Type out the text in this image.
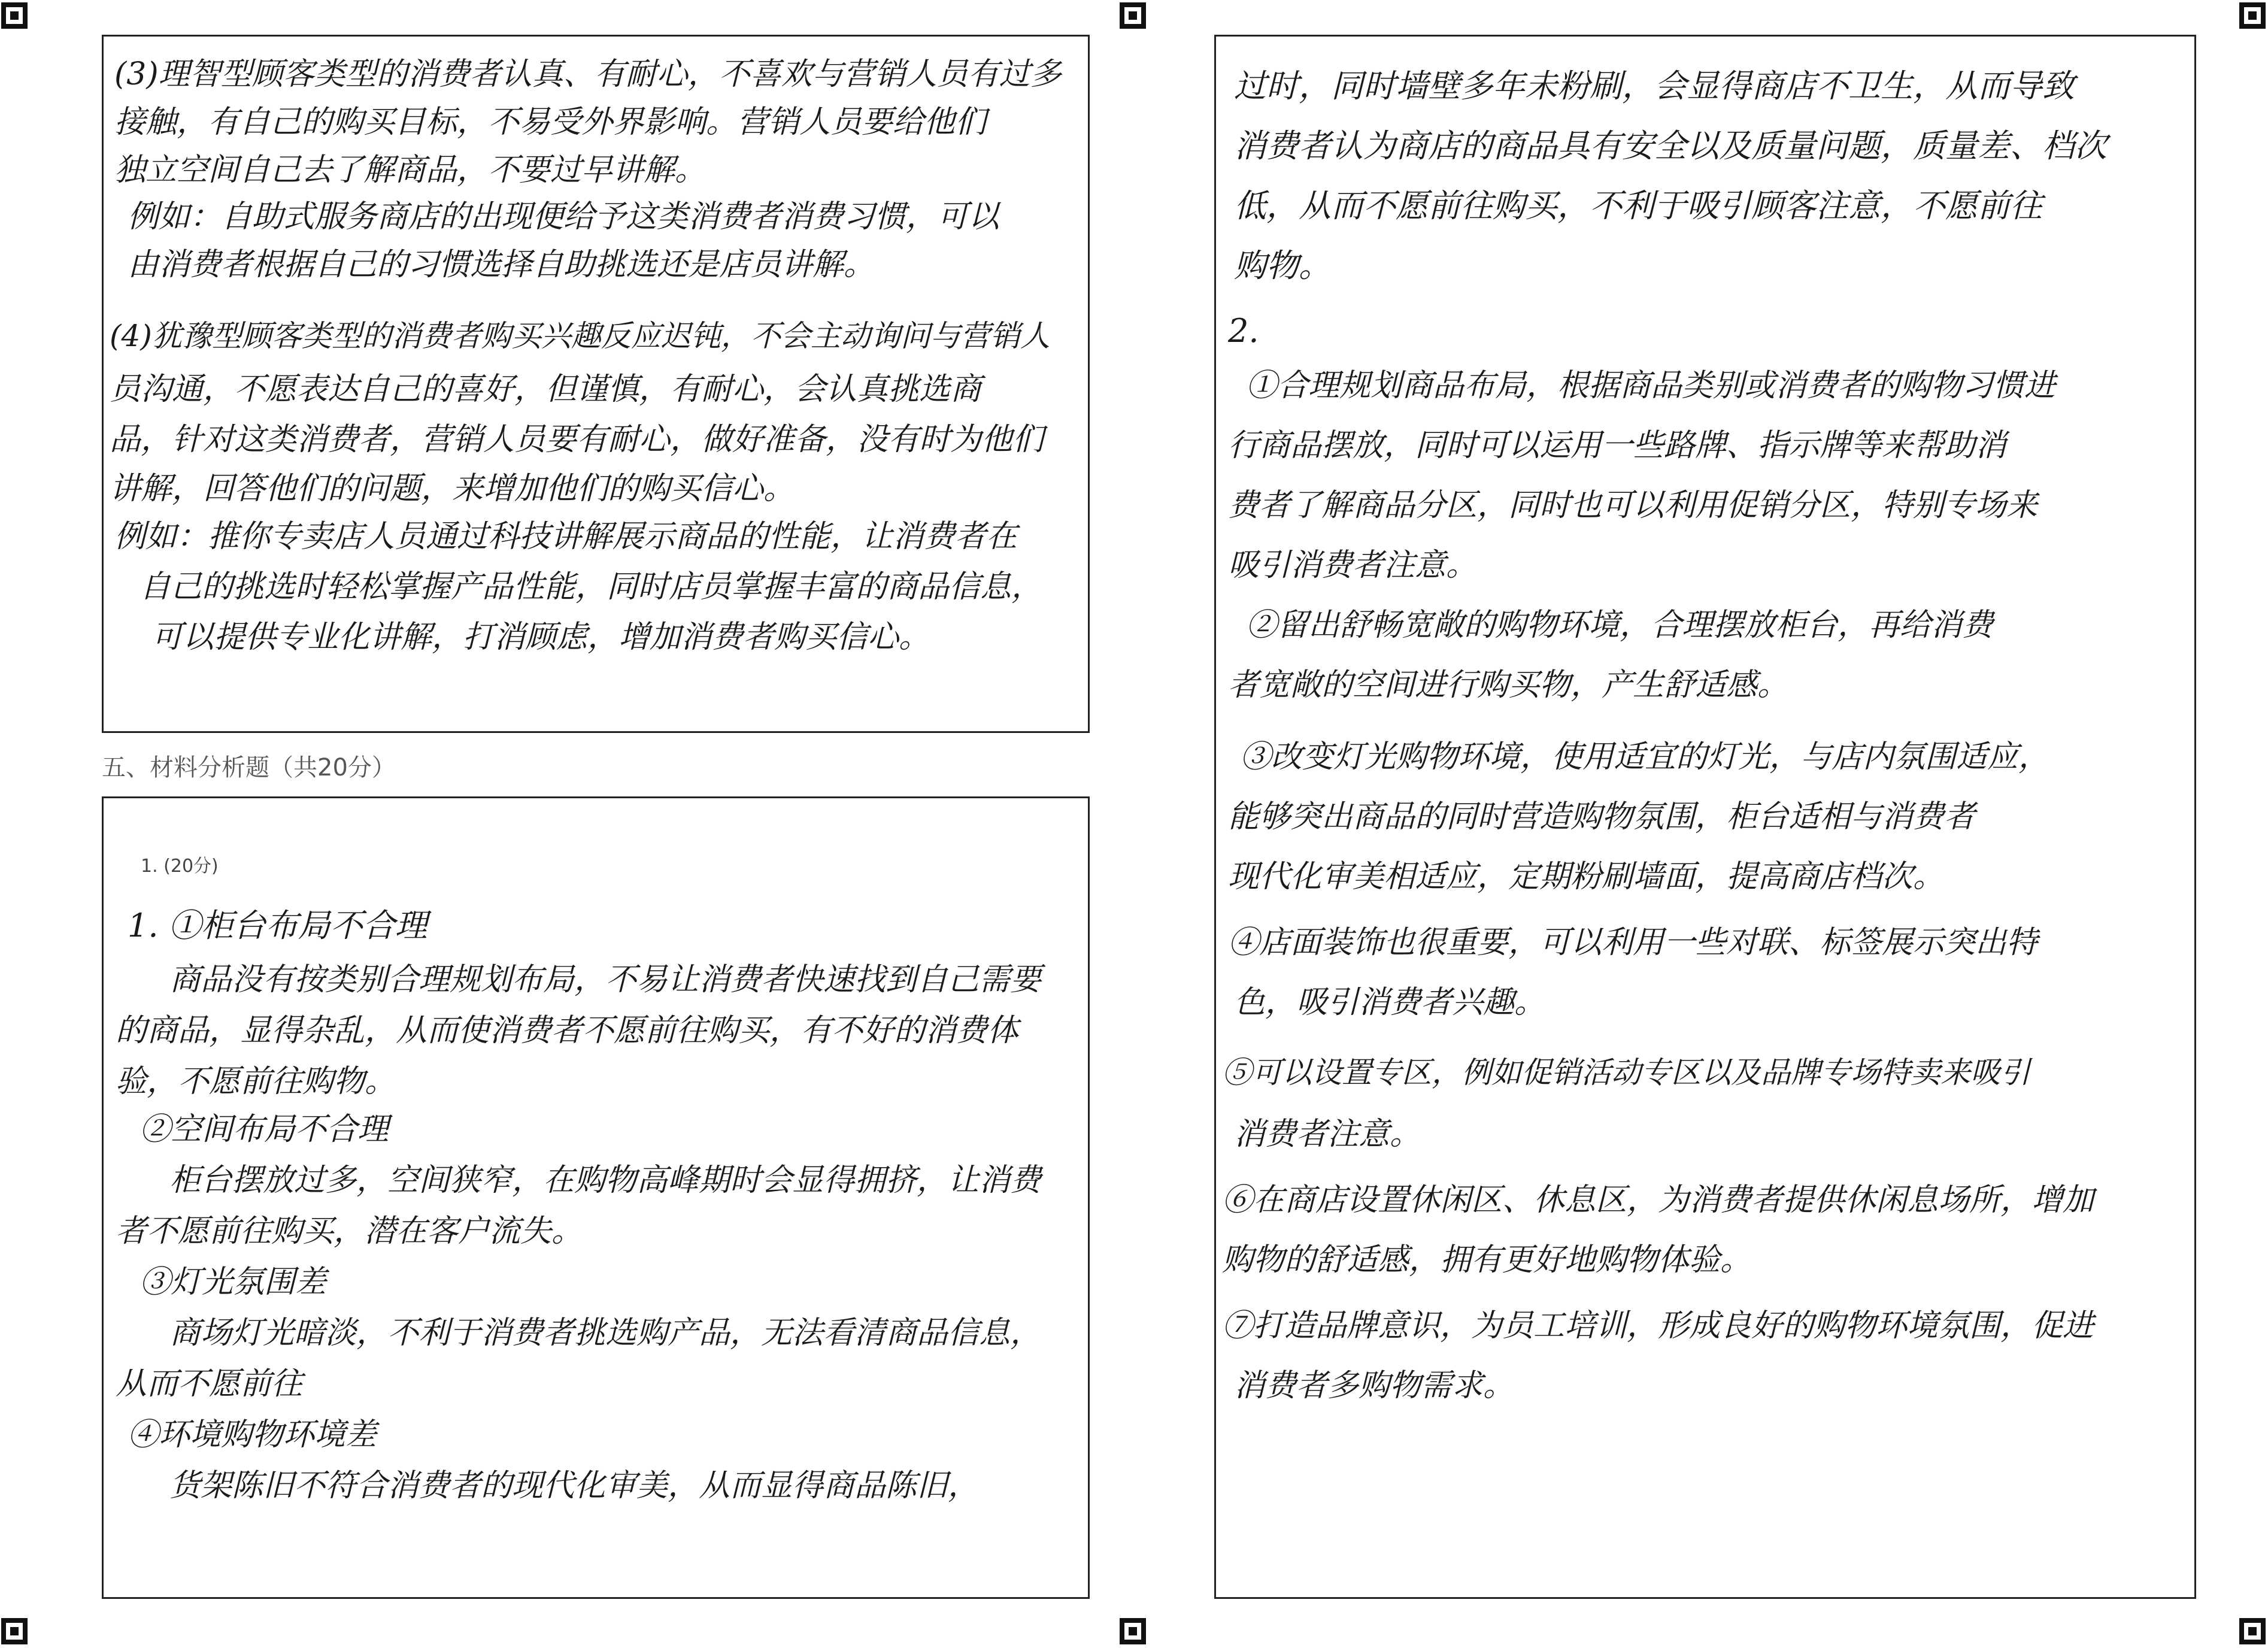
(3)理智型顾客类型的消费者认真、有耐心，不喜欢与营销人员有过多
接触，有自己的购买目标，不易受外界影响。营销人员要给他们
独立空间自己去了解商品，不要过早讲解。
例如：自助式服务商店的出现便给予这类消费者消费习惯，可以
由消费者根据自己的习惯选择自助挑选还是店员讲解。
(4)犹豫型顾客类型的消费者购买兴趣反应迟钝，不会主动询问与营销人
员沟通，不愿表达自己的喜好，但谨慎，有耐心，会认真挑选商
品，针对这类消费者，营销人员要有耐心，做好准备，没有时为他们
讲解，回答他们的问题，来增加他们的购买信心。
例如：推你专卖店人员通过科技讲解展示商品的性能，让消费者在
自己的挑选时轻松掌握产品性能，同时店员掌握丰富的商品信息，
可以提供专业化讲解，打消顾虑，增加消费者购买信心。
五、材料分析题（共20分）
1. (20分)
1. ①柜台布局不合理
商品没有按类别合理规划布局，不易让消费者快速找到自己需要
的商品，显得杂乱，从而使消费者不愿前往购买，有不好的消费体
验，不愿前往购物。
②空间布局不合理
柜台摆放过多，空间狭窄，在购物高峰期时会显得拥挤，让消费
者不愿前往购买，潜在客户流失。
③灯光氛围差
商场灯光暗淡，不利于消费者挑选购产品，无法看清商品信息，
从而不愿前往
④环境购物环境差
货架陈旧不符合消费者的现代化审美，从而显得商品陈旧，
过时，同时墙壁多年未粉刷，会显得商店不卫生，从而导致
消费者认为商店的商品具有安全以及质量问题，质量差、档次
低，从而不愿前往购买，不利于吸引顾客注意，不愿前往
购物。
2.
①合理规划商品布局，根据商品类别或消费者的购物习惯进
行商品摆放，同时可以运用一些路牌、指示牌等来帮助消
费者了解商品分区，同时也可以利用促销分区，特别专场来
吸引消费者注意。
②留出舒畅宽敞的购物环境，合理摆放柜台，再给消费
者宽敞的空间进行购买物，产生舒适感。
③改变灯光购物环境，使用适宜的灯光，与店内氛围适应，
能够突出商品的同时营造购物氛围，柜台适相与消费者
现代化审美相适应，定期粉刷墙面，提高商店档次。
④店面装饰也很重要，可以利用一些对联、标签展示突出特
色，吸引消费者兴趣。
⑤可以设置专区，例如促销活动专区以及品牌专场特卖来吸引
消费者注意。
⑥在商店设置休闲区、休息区，为消费者提供休闲息场所，增加
购物的舒适感，拥有更好地购物体验。
⑦打造品牌意识，为员工培训，形成良好的购物环境氛围，促进
消费者多购物需求。
